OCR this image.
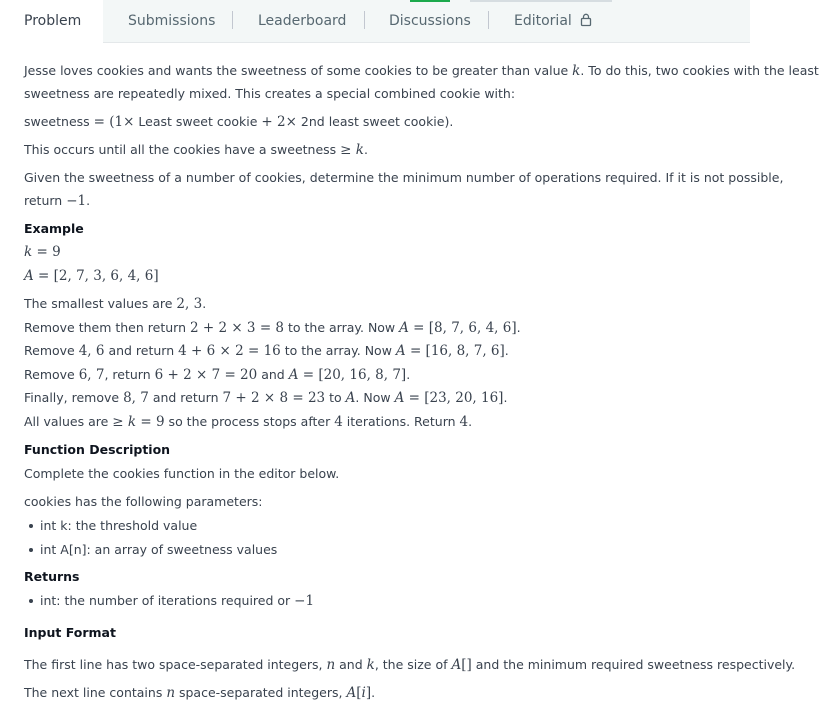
Problem	Submissions	Leaderboard	Discussions	Editorial
Jesse loves cookies and wants the sweetness of some cookies to be greater than value k. To do this, two cookies with the least
sweetness are repeatedly mixed. This creates a special combined cookie with:
sweetness = (1× Least sweet cookie + 2× 2nd least sweet cookie).
This occurs until all the cookies have a sweetness ≥ k.
Given the sweetness of a number of cookies, determine the minimum number of operations required. If it is not possible,
return −1.
Example
k = 9
A = [2, 7, 3, 6, 4, 6]
The smallest values are 2, 3.
Remove them then return 2 + 2 × 3 = 8 to the array. Now A = [8, 7, 6, 4, 6].
Remove 4, 6 and return 4 + 6 × 2 = 16 to the array. Now A = [16, 8, 7, 6].
Remove 6, 7, return 6 + 2 × 7 = 20 and A = [20, 16, 8, 7].
Finally, remove 8, 7 and return 7 + 2 × 8 = 23 to A. Now A = [23, 20, 16].
All values are ≥ k = 9 so the process stops after 4 iterations. Return 4.
Function Description
Complete the cookies function in the editor below.
cookies has the following parameters:
int k: the threshold value
int A[n]: an array of sweetness values
Returns
int: the number of iterations required or −1
Input Format
The first line has two space-separated integers, n and k, the size of A[] and the minimum required sweetness respectively.
The next line contains n space-separated integers, A[i].
